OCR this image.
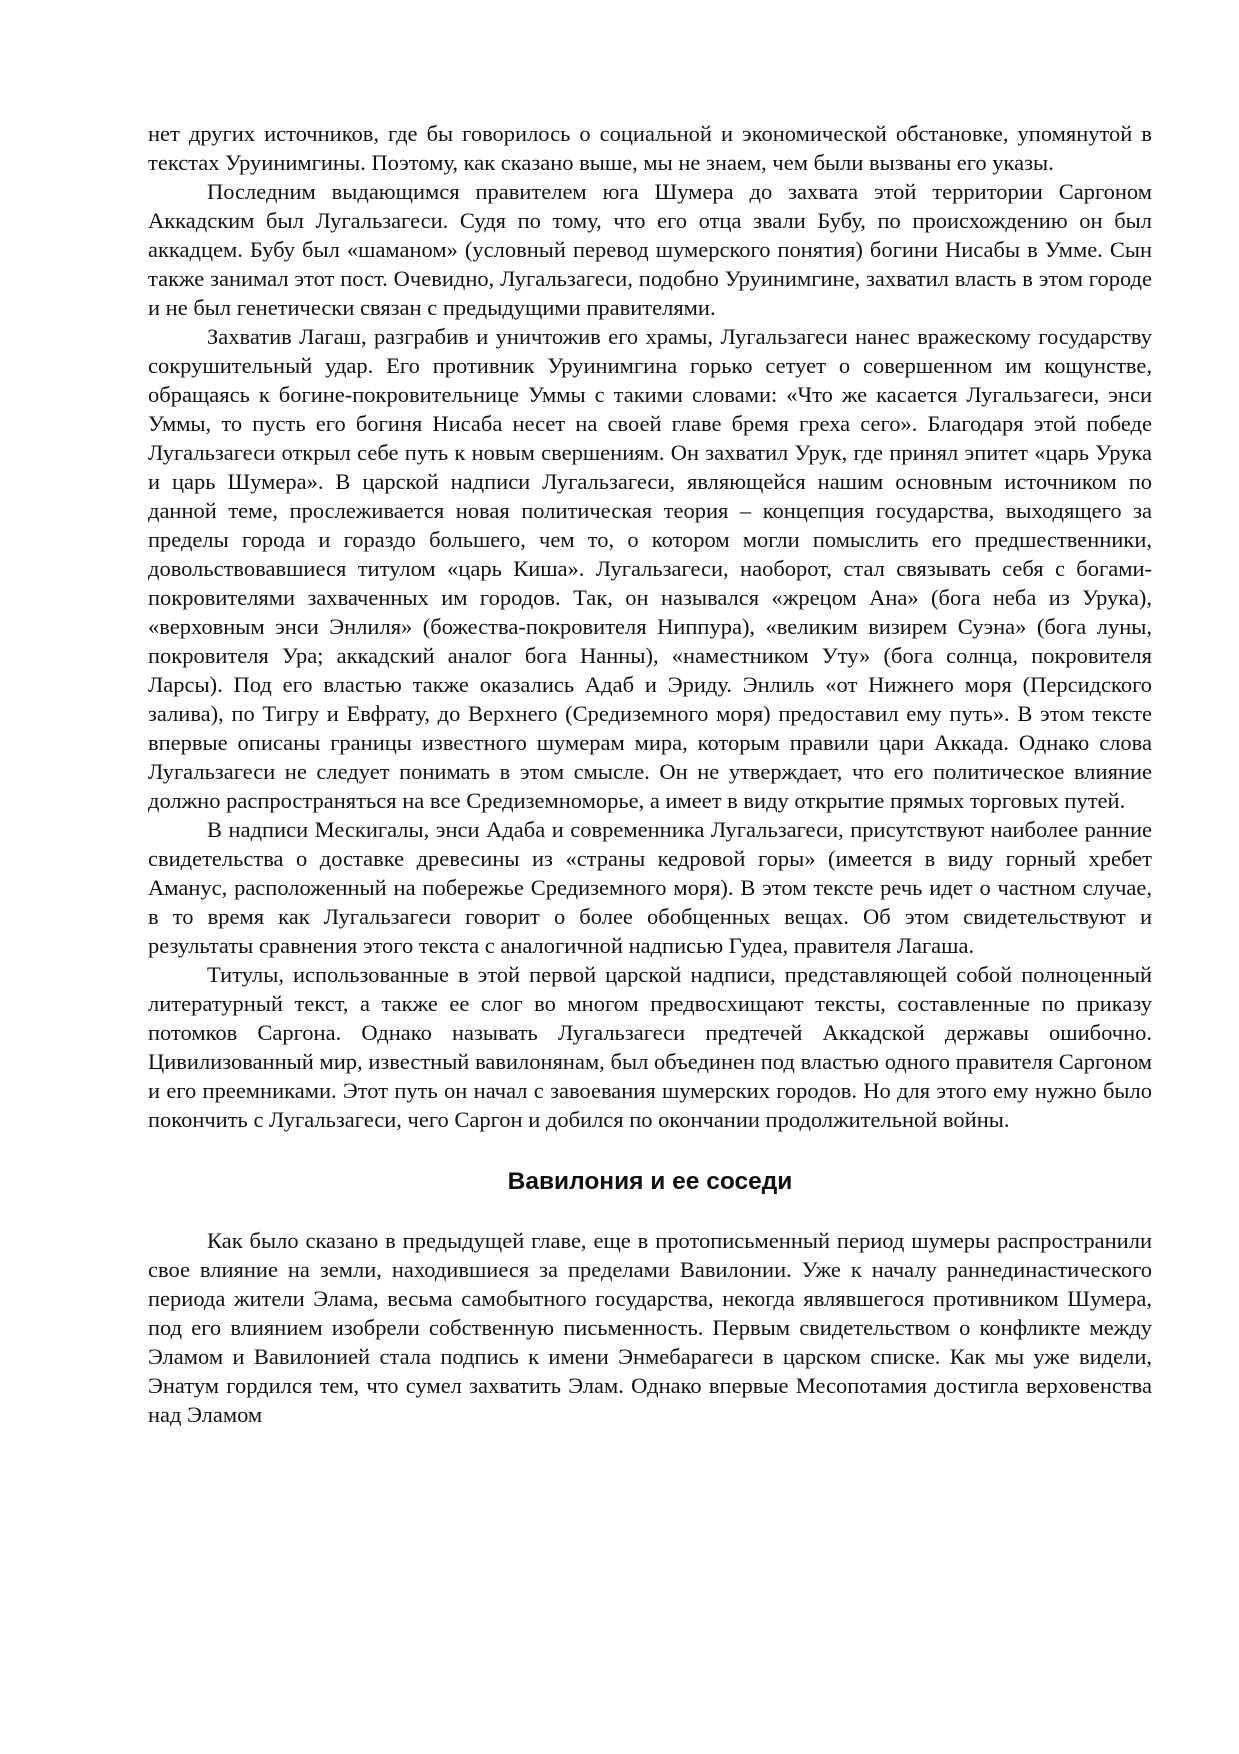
нет других источников, где бы говорилось о социальной и экономической обстановке, упомянутой в текстах Уруинимгины. Поэтому, как сказано выше, мы не знаем, чем были вызваны его указы.

Последним выдающимся правителем юга Шумера до захвата этой территории Саргоном Аккадским был Лугальзагеси. Судя по тому, что его отца звали Бубу, по происхождению он был аккадцем. Бубу был «шаманом» (условный перевод шумерского понятия) богини Нисабы в Умме. Сын также занимал этот пост. Очевидно, Лугальзагеси, подобно Уруинимгине, захватил власть в этом городе и не был генетически связан с предыдущими правителями.

Захватив Лагаш, разграбив и уничтожив его храмы, Лугальзагеси нанес вражескому государству сокрушительный удар. Его противник Уруинимгина горько сетует о совершенном им кощунстве, обращаясь к богине-покровительнице Уммы с такими словами: «Что же касается Лугальзагеси, энси Уммы, то пусть его богиня Нисаба несет на своей главе бремя греха сего». Благодаря этой победе Лугальзагеси открыл себе путь к новым свершениям. Он захватил Урук, где принял эпитет «царь Урука и царь Шумера». В царской надписи Лугальзагеси, являющейся нашим основным источником по данной теме, прослеживается новая политическая теория – концепция государства, выходящего за пределы города и гораздо большего, чем то, о котором могли помыслить его предшественники, довольствовавшиеся титулом «царь Киша». Лугальзагеси, наоборот, стал связывать себя с богами-покровителями захваченных им городов. Так, он назывался «жрецом Ана» (бога неба из Урука), «верховным энси Энлиля» (божества-покровителя Ниппура), «великим визирем Суэна» (бога луны, покровителя Ура; аккадский аналог бога Нанны), «наместником Уту» (бога солнца, покровителя Ларсы). Под его властью также оказались Адаб и Эриду. Энлиль «от Нижнего моря (Персидского залива), по Тигру и Евфрату, до Верхнего (Средиземного моря) предоставил ему путь». В этом тексте впервые описаны границы известного шумерам мира, которым правили цари Аккада. Однако слова Лугальзагеси не следует понимать в этом смысле. Он не утверждает, что его политическое влияние должно распространяться на все Средиземноморье, а имеет в виду открытие прямых торговых путей.

В надписи Мескигалы, энси Адаба и современника Лугальзагеси, присутствуют наиболее ранние свидетельства о доставке древесины из «страны кедровой горы» (имеется в виду горный хребет Аманус, расположенный на побережье Средиземного моря). В этом тексте речь идет о частном случае, в то время как Лугальзагеси говорит о более обобщенных вещах. Об этом свидетельствуют и результаты сравнения этого текста с аналогичной надписью Гудеа, правителя Лагаша.

Титулы, использованные в этой первой царской надписи, представляющей собой полноценный литературный текст, а также ее слог во многом предвосхищают тексты, составленные по приказу потомков Саргона. Однако называть Лугальзагеси предтечей Аккадской державы ошибочно. Цивилизованный мир, известный вавилонянам, был объединен под властью одного правителя Саргоном и его преемниками. Этот путь он начал с завоевания шумерских городов. Но для этого ему нужно было покончить с Лугальзагеси, чего Саргон и добился по окончании продолжительной войны.

Вавилония и ее соседи

Как было сказано в предыдущей главе, еще в протописьменный период шумеры распространили свое влияние на земли, находившиеся за пределами Вавилонии. Уже к началу раннединастического периода жители Элама, весьма самобытного государства, некогда являвшегося противником Шумера, под его влиянием изобрели собственную письменность. Первым свидетельством о конфликте между Эламом и Вавилонией стала подпись к имени Энмебарагеси в царском списке. Как мы уже видели, Энатум гордился тем, что сумел захватить Элам. Однако впервые Месопотамия достигла верховенства над Эламом
